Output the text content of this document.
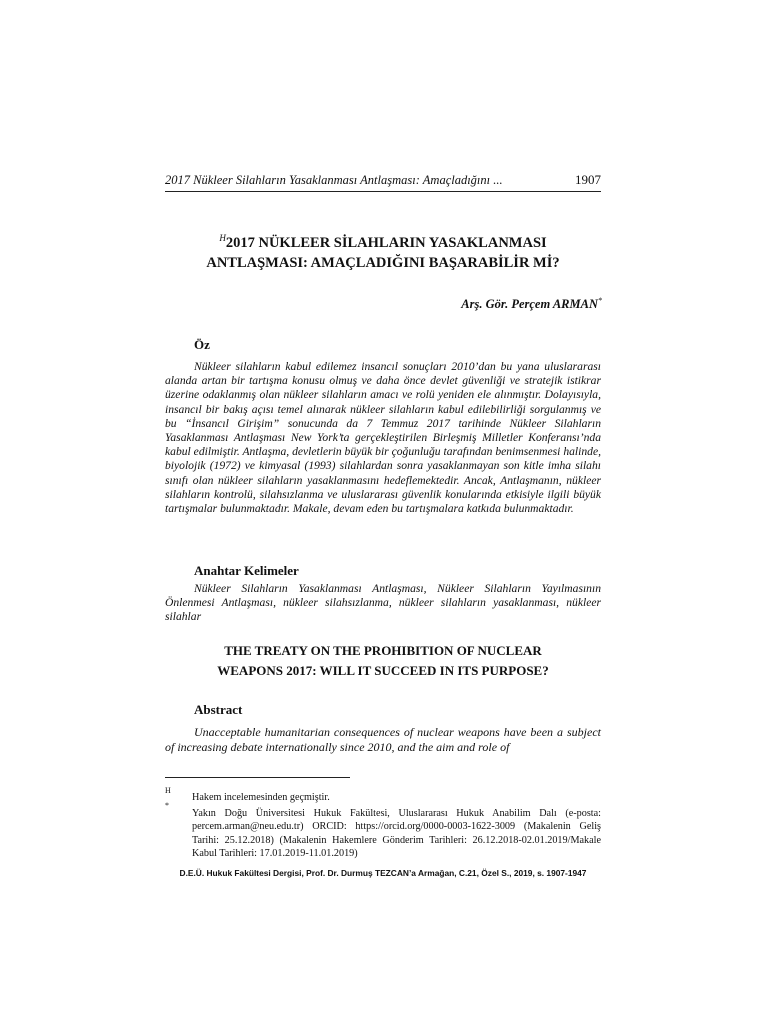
2017 Nükleer Silahların Yasaklanması Antlaşması: Amaçladığını ...	1907
$^H$2017 NÜKLEER SİLAHLARIN YASAKLANMASI
ANTLAŞMASI: AMAÇLADIĞINI BAŞARABİLİR Mİ?
Arş. Gör. Perçem ARMAN*
Öz

Nükleer silahların kabul edilemez insancıl sonuçları 2010’dan bu yana uluslararası alanda artan bir tartışma konusu olmuş ve daha önce devlet güvenliği ve stratejik istikrar üzerine odaklanmış olan nükleer silahların amacı ve rolü yeniden ele alınmıştır. Dolayısıyla, insancıl bir bakış açısı temel alınarak nükleer silahların kabul edilebilirliği sorgulanmış ve bu “İnsancıl Girişim” sonucunda da 7 Temmuz 2017 tarihinde Nükleer Silahların Yasaklanması Antlaşması New York’ta gerçekleştirilen Birleşmiş Milletler Konferansı’nda kabul edilmiştir. Antlaşma, devletlerin büyük bir çoğunluğu tarafından benimsenmesi halinde, biyolojik (1972) ve kimyasal (1993) silahlardan sonra yasaklanmayan son kitle imha silahı sınıfı olan nükleer silahların yasaklanmasını hedeflemektedir. Ancak, Antlaşmanın, nükleer silahların kontrolü, silahsızlanma ve uluslararası güvenlik konularında etkisiyle ilgili büyük tartışmalar bulunmaktadır. Makale, devam eden bu tartışmalara katkıda bulunmaktadır.

Anahtar Kelimeler

Nükleer Silahların Yasaklanması Antlaşması, Nükleer Silahların Yayılmasının Önlenmesi Antlaşması, nükleer silahsızlanma, nükleer silahların yasaklanması, nükleer silahlar

THE TREATY ON THE PROHIBITION OF NUCLEAR
WEAPONS 2017: WILL IT SUCCEED IN ITS PURPOSE?
Abstract

Unacceptable humanitarian consequences of nuclear weapons have been a subject of increasing debate internationally since 2010, and the aim and role of

H

Hakem incelemesinden geçmiştir.

*

Yakın Doğu Üniversitesi Hukuk Fakültesi, Uluslararası Hukuk Anabilim Dalı (e-posta: percem.arman@neu.edu.tr) ORCID: https://orcid.org/0000-0003-1622-3009 (Makalenin Geliş Tarihi: 25.12.2018) (Makalenin Hakemlere Gönderim Tarihleri: 26.12.2018-02.01.2019/Makale Kabul Tarihleri: 17.01.2019-11.01.2019)

D.E.Ü. Hukuk Fakültesi Dergisi, Prof. Dr. Durmuş TEZCAN’a Armağan, C.21, Özel S., 2019, s. 1907-1947
